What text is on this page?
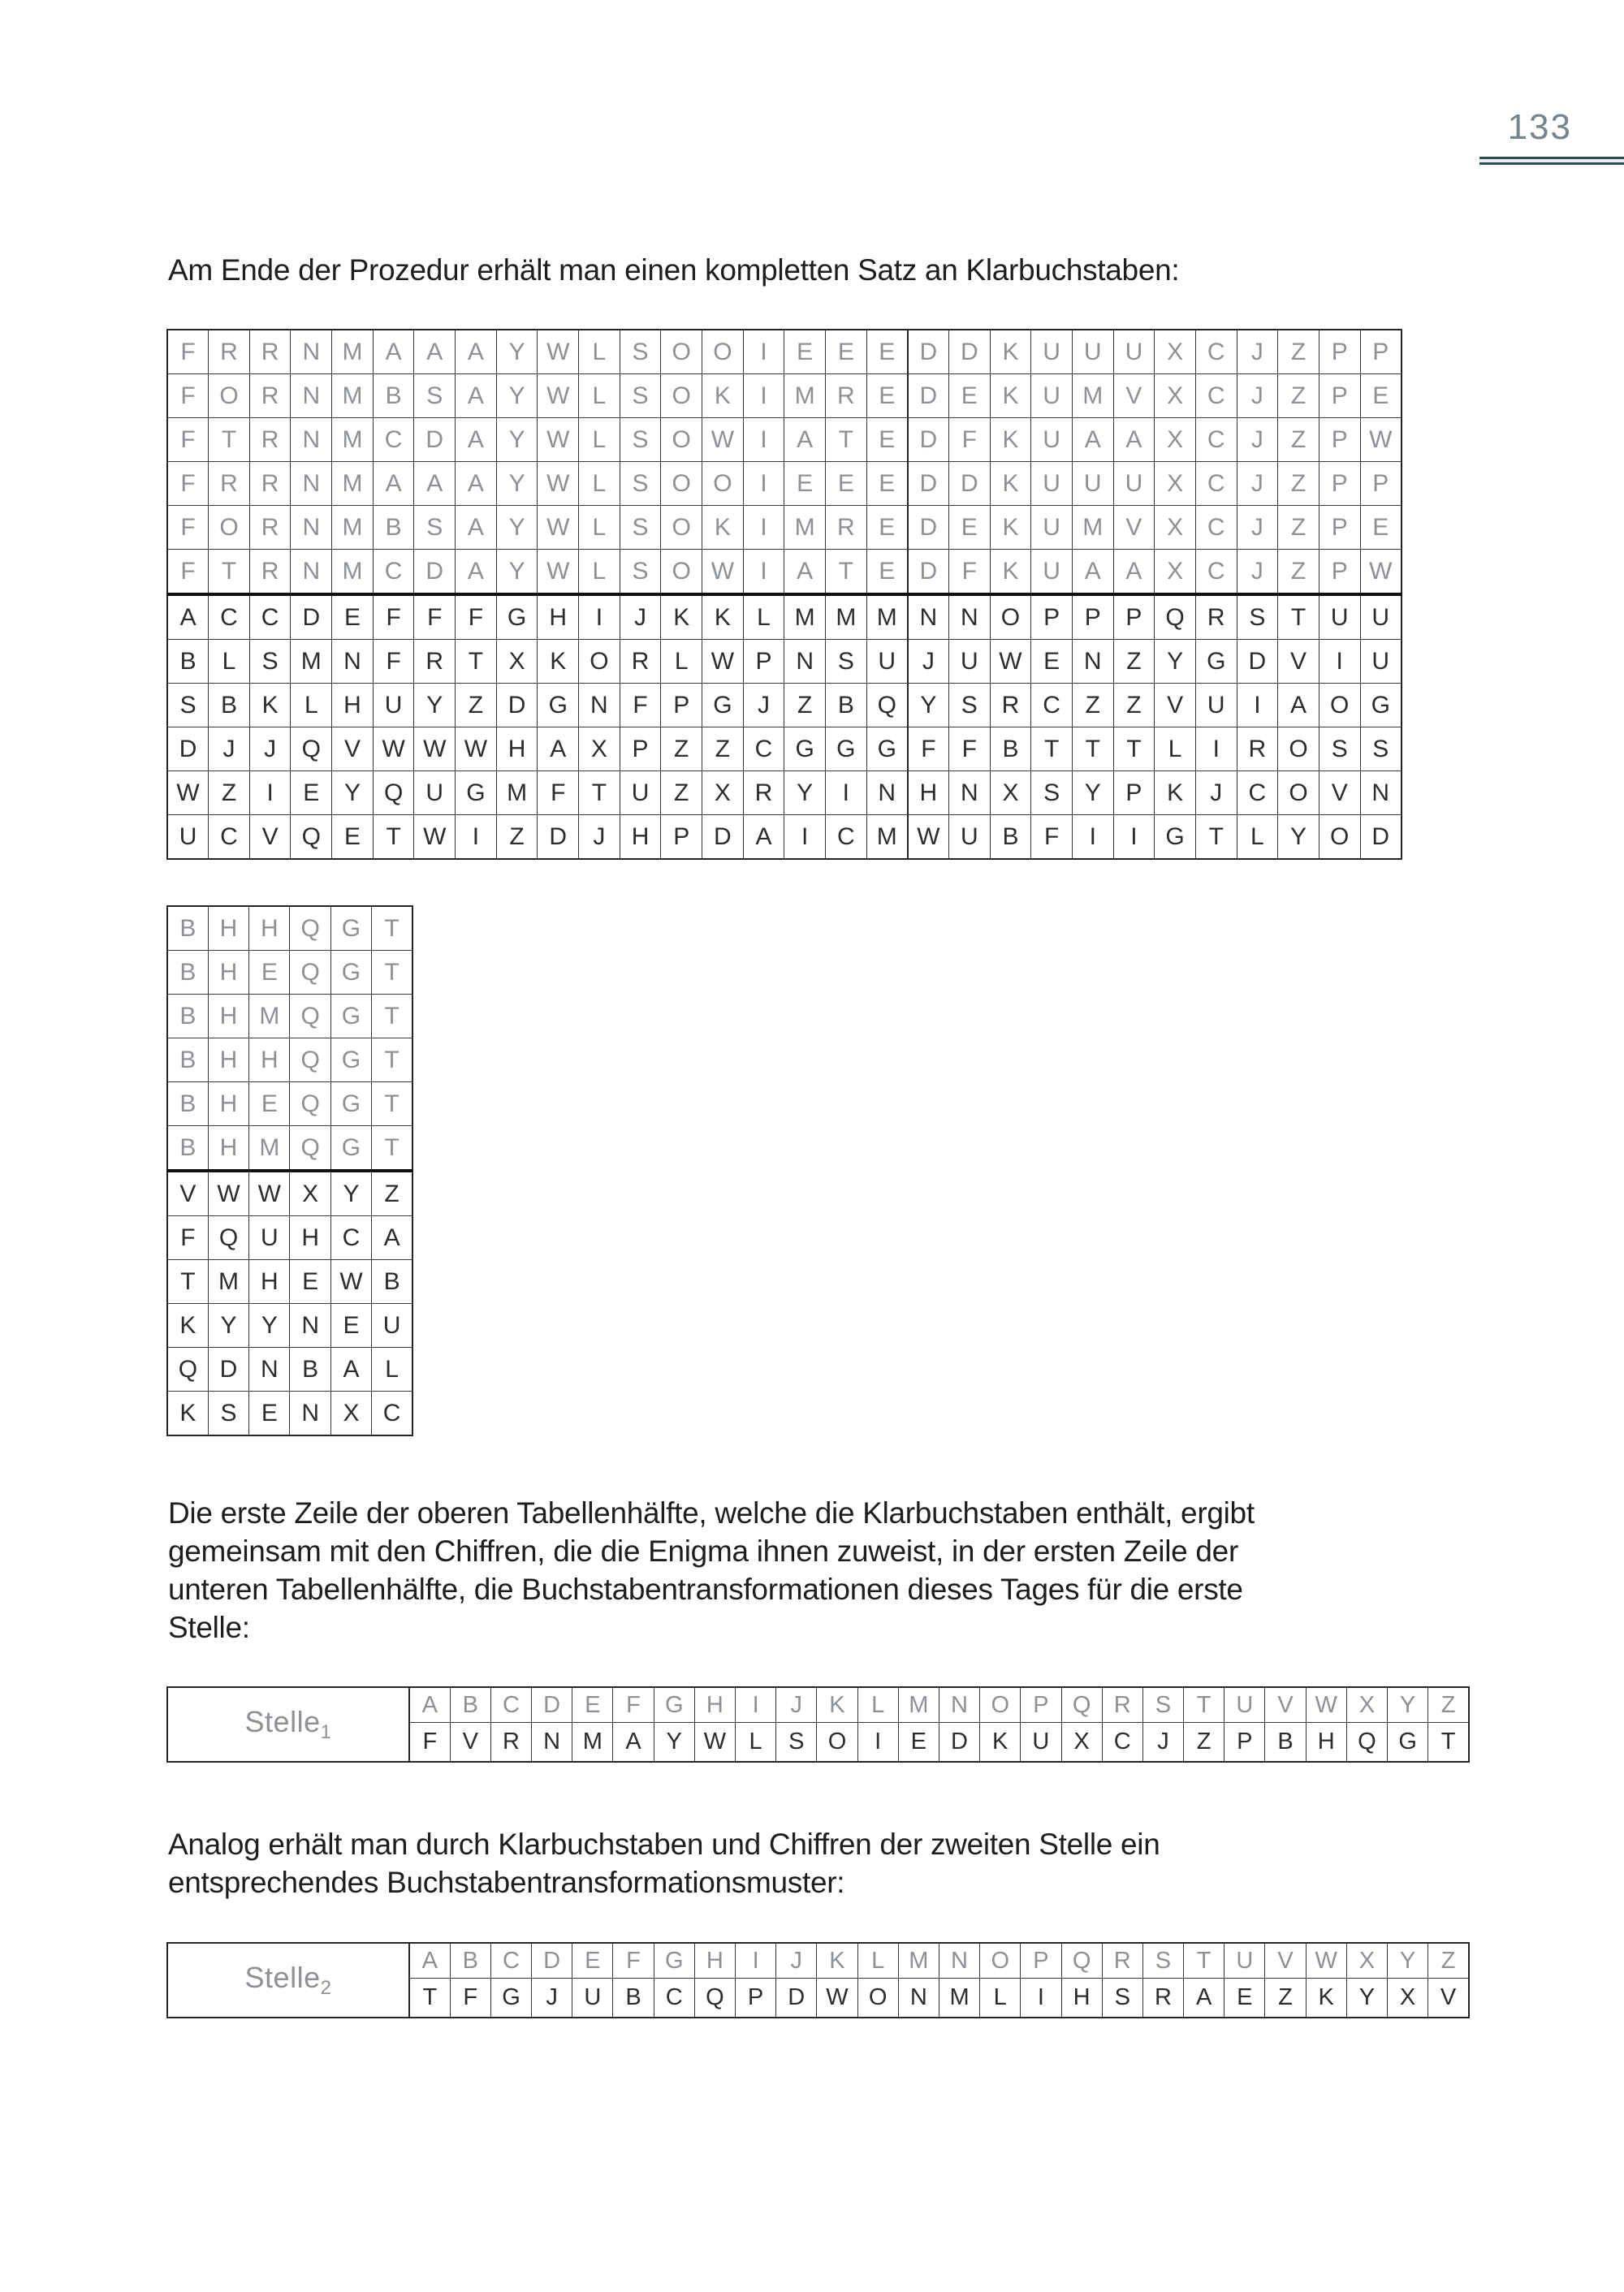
133
Am Ende der Prozedur erhält man einen kompletten Satz an Klarbuchstaben:
F	R	R	N	M	A	A	A	Y	W	L	S	O	O	I	E	E	E	D	D	K	U	U	U	X	C	J	Z	P	P
F	O	R	N	M	B	S	A	Y	W	L	S	O	K	I	M	R	E	D	E	K	U	M	V	X	C	J	Z	P	E
F	T	R	N	M	C	D	A	Y	W	L	S	O	W	I	A	T	E	D	F	K	U	A	A	X	C	J	Z	P	W
F	R	R	N	M	A	A	A	Y	W	L	S	O	O	I	E	E	E	D	D	K	U	U	U	X	C	J	Z	P	P
F	O	R	N	M	B	S	A	Y	W	L	S	O	K	I	M	R	E	D	E	K	U	M	V	X	C	J	Z	P	E
F	T	R	N	M	C	D	A	Y	W	L	S	O	W	I	A	T	E	D	F	K	U	A	A	X	C	J	Z	P	W
A	C	C	D	E	F	F	F	G	H	I	J	K	K	L	M	M	M	N	N	O	P	P	P	Q	R	S	T	U	U
B	L	S	M	N	F	R	T	X	K	O	R	L	W	P	N	S	U	J	U	W	E	N	Z	Y	G	D	V	I	U
S	B	K	L	H	U	Y	Z	D	G	N	F	P	G	J	Z	B	Q	Y	S	R	C	Z	Z	V	U	I	A	O	G
D	J	J	Q	V	W	W	W	H	A	X	P	Z	Z	C	G	G	G	F	F	B	T	T	T	L	I	R	O	S	S
W	Z	I	E	Y	Q	U	G	M	F	T	U	Z	X	R	Y	I	N	H	N	X	S	Y	P	K	J	C	O	V	N
U	C	V	Q	E	T	W	I	Z	D	J	H	P	D	A	I	C	M	W	U	B	F	I	I	G	T	L	Y	O	D
B	H	H	Q	G	T
B	H	E	Q	G	T
B	H	M	Q	G	T
B	H	H	Q	G	T
B	H	E	Q	G	T
B	H	M	Q	G	T
V	W	W	X	Y	Z
F	Q	U	H	C	A
T	M	H	E	W	B
K	Y	Y	N	E	U
Q	D	N	B	A	L
K	S	E	N	X	C
Die erste Zeile der oberen Tabellenhälfte, welche die Klarbuchstaben enthält, ergibt
gemeinsam mit den Chiffren, die die Enigma ihnen zuweist, in der ersten Zeile der
unteren Tabellenhälfte, die Buchstabentransformationen dieses Tages für die erste
Stelle:
Stelle$_1$	A	B	C	D	E	F	G	H	I	J	K	L	M	N	O	P	Q	R	S	T	U	V	W	X	Y	Z
	F	V	R	N	M	A	Y	W	L	S	O	I	E	D	K	U	X	C	J	Z	P	B	H	Q	G	T
Analog erhält man durch Klarbuchstaben und Chiffren der zweiten Stelle ein
entsprechendes Buchstabentransformationsmuster:
Stelle$_2$	A	B	C	D	E	F	G	H	I	J	K	L	M	N	O	P	Q	R	S	T	U	V	W	X	Y	Z
	T	F	G	J	U	B	C	Q	P	D	W	O	N	M	L	I	H	S	R	A	E	Z	K	Y	X	V
